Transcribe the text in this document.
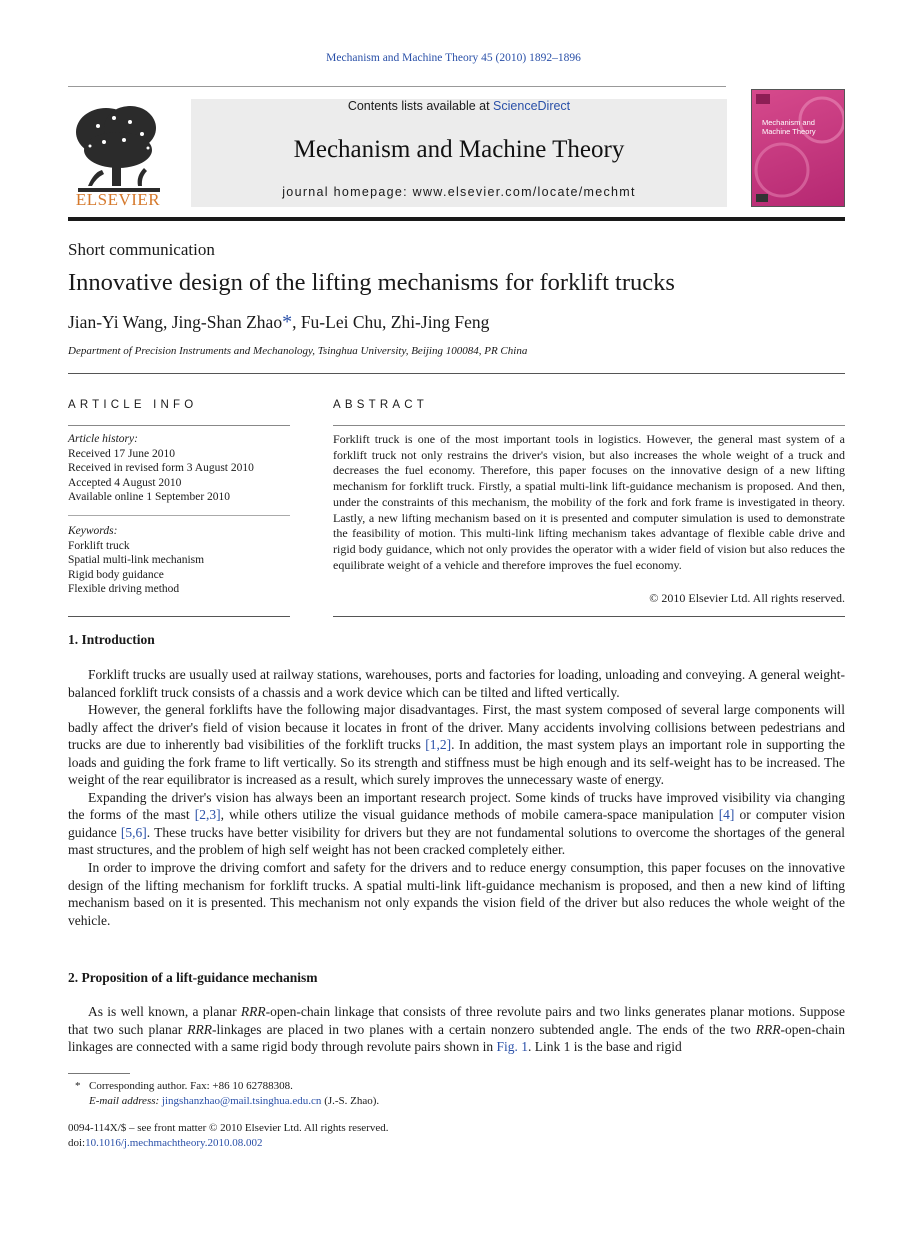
Mechanism and Machine Theory 45 (2010) 1892–1896
ELSEVIER
Contents lists available at ScienceDirect
Mechanism and Machine Theory
journal homepage: www.elsevier.com/locate/mechmt
Mechanism and Machine Theory
Short communication
Innovative design of the lifting mechanisms for forklift trucks
Jian-Yi Wang, Jing-Shan Zhao*, Fu-Lei Chu, Zhi-Jing Feng
Department of Precision Instruments and Mechanology, Tsinghua University, Beijing 100084, PR China
ARTICLE INFO
Article history:
Received 17 June 2010
Received in revised form 3 August 2010
Accepted 4 August 2010
Available online 1 September 2010
Keywords:
Forklift truck
Spatial multi-link mechanism
Rigid body guidance
Flexible driving method
ABSTRACT
Forklift truck is one of the most important tools in logistics. However, the general mast system of a forklift truck not only restrains the driver's vision, but also increases the whole weight of a truck and decreases the fuel economy. Therefore, this paper focuses on the innovative design of a new lifting mechanism for forklift truck. Firstly, a spatial multi-link lift-guidance mechanism is proposed. And then, under the constraints of this mechanism, the mobility of the fork and fork frame is investigated in theory. Lastly, a new lifting mechanism based on it is presented and computer simulation is used to demonstrate the feasibility of motion. This multi-link lifting mechanism takes advantage of flexible cable drive and rigid body guidance, which not only provides the operator with a wider field of vision but also reduces the equilibrate weight of a vehicle and therefore improves the fuel economy.
© 2010 Elsevier Ltd. All rights reserved.
1. Introduction

Forklift trucks are usually used at railway stations, warehouses, ports and factories for loading, unloading and conveying. A general weight-balanced forklift truck consists of a chassis and a work device which can be tilted and lifted vertically.

However, the general forklifts have the following major disadvantages. First, the mast system composed of several large components will badly affect the driver's field of vision because it locates in front of the driver. Many accidents involving collisions between pedestrians and trucks are due to inherently bad visibilities of the forklift trucks [1,2]. In addition, the mast system plays an important role in supporting the loads and guiding the fork frame to lift vertically. So its strength and stiffness must be high enough and its self-weight has to be increased. The weight of the rear equilibrator is increased as a result, which surely improves the unnecessary waste of energy.

Expanding the driver's vision has always been an important research project. Some kinds of trucks have improved visibility via changing the forms of the mast [2,3], while others utilize the visual guidance methods of mobile camera-space manipulation [4] or computer vision guidance [5,6]. These trucks have better visibility for drivers but they are not fundamental solutions to overcome the shortages of the general mast structures, and the problem of high self weight has not been cracked completely either.

In order to improve the driving comfort and safety for the drivers and to reduce energy consumption, this paper focuses on the innovative design of the lifting mechanism for forklift trucks. A spatial multi-link lift-guidance mechanism is proposed, and then a new kind of lifting mechanism based on it is presented. This mechanism not only expands the vision field of the driver but also reduces the whole weight of the vehicle.

2. Proposition of a lift-guidance mechanism

As is well known, a planar RRR-open-chain linkage that consists of three revolute pairs and two links generates planar motions. Suppose that two such planar RRR-linkages are placed in two planes with a certain nonzero subtended angle. The ends of the two RRR-open-chain linkages are connected with a same rigid body through revolute pairs shown in Fig. 1. Link 1 is the base and rigid

* Corresponding author. Fax: +86 10 62788308.
E-mail address: jingshanzhao@mail.tsinghua.edu.cn (J.-S. Zhao).
0094-114X/$ – see front matter © 2010 Elsevier Ltd. All rights reserved.
doi:10.1016/j.mechmachtheory.2010.08.002
